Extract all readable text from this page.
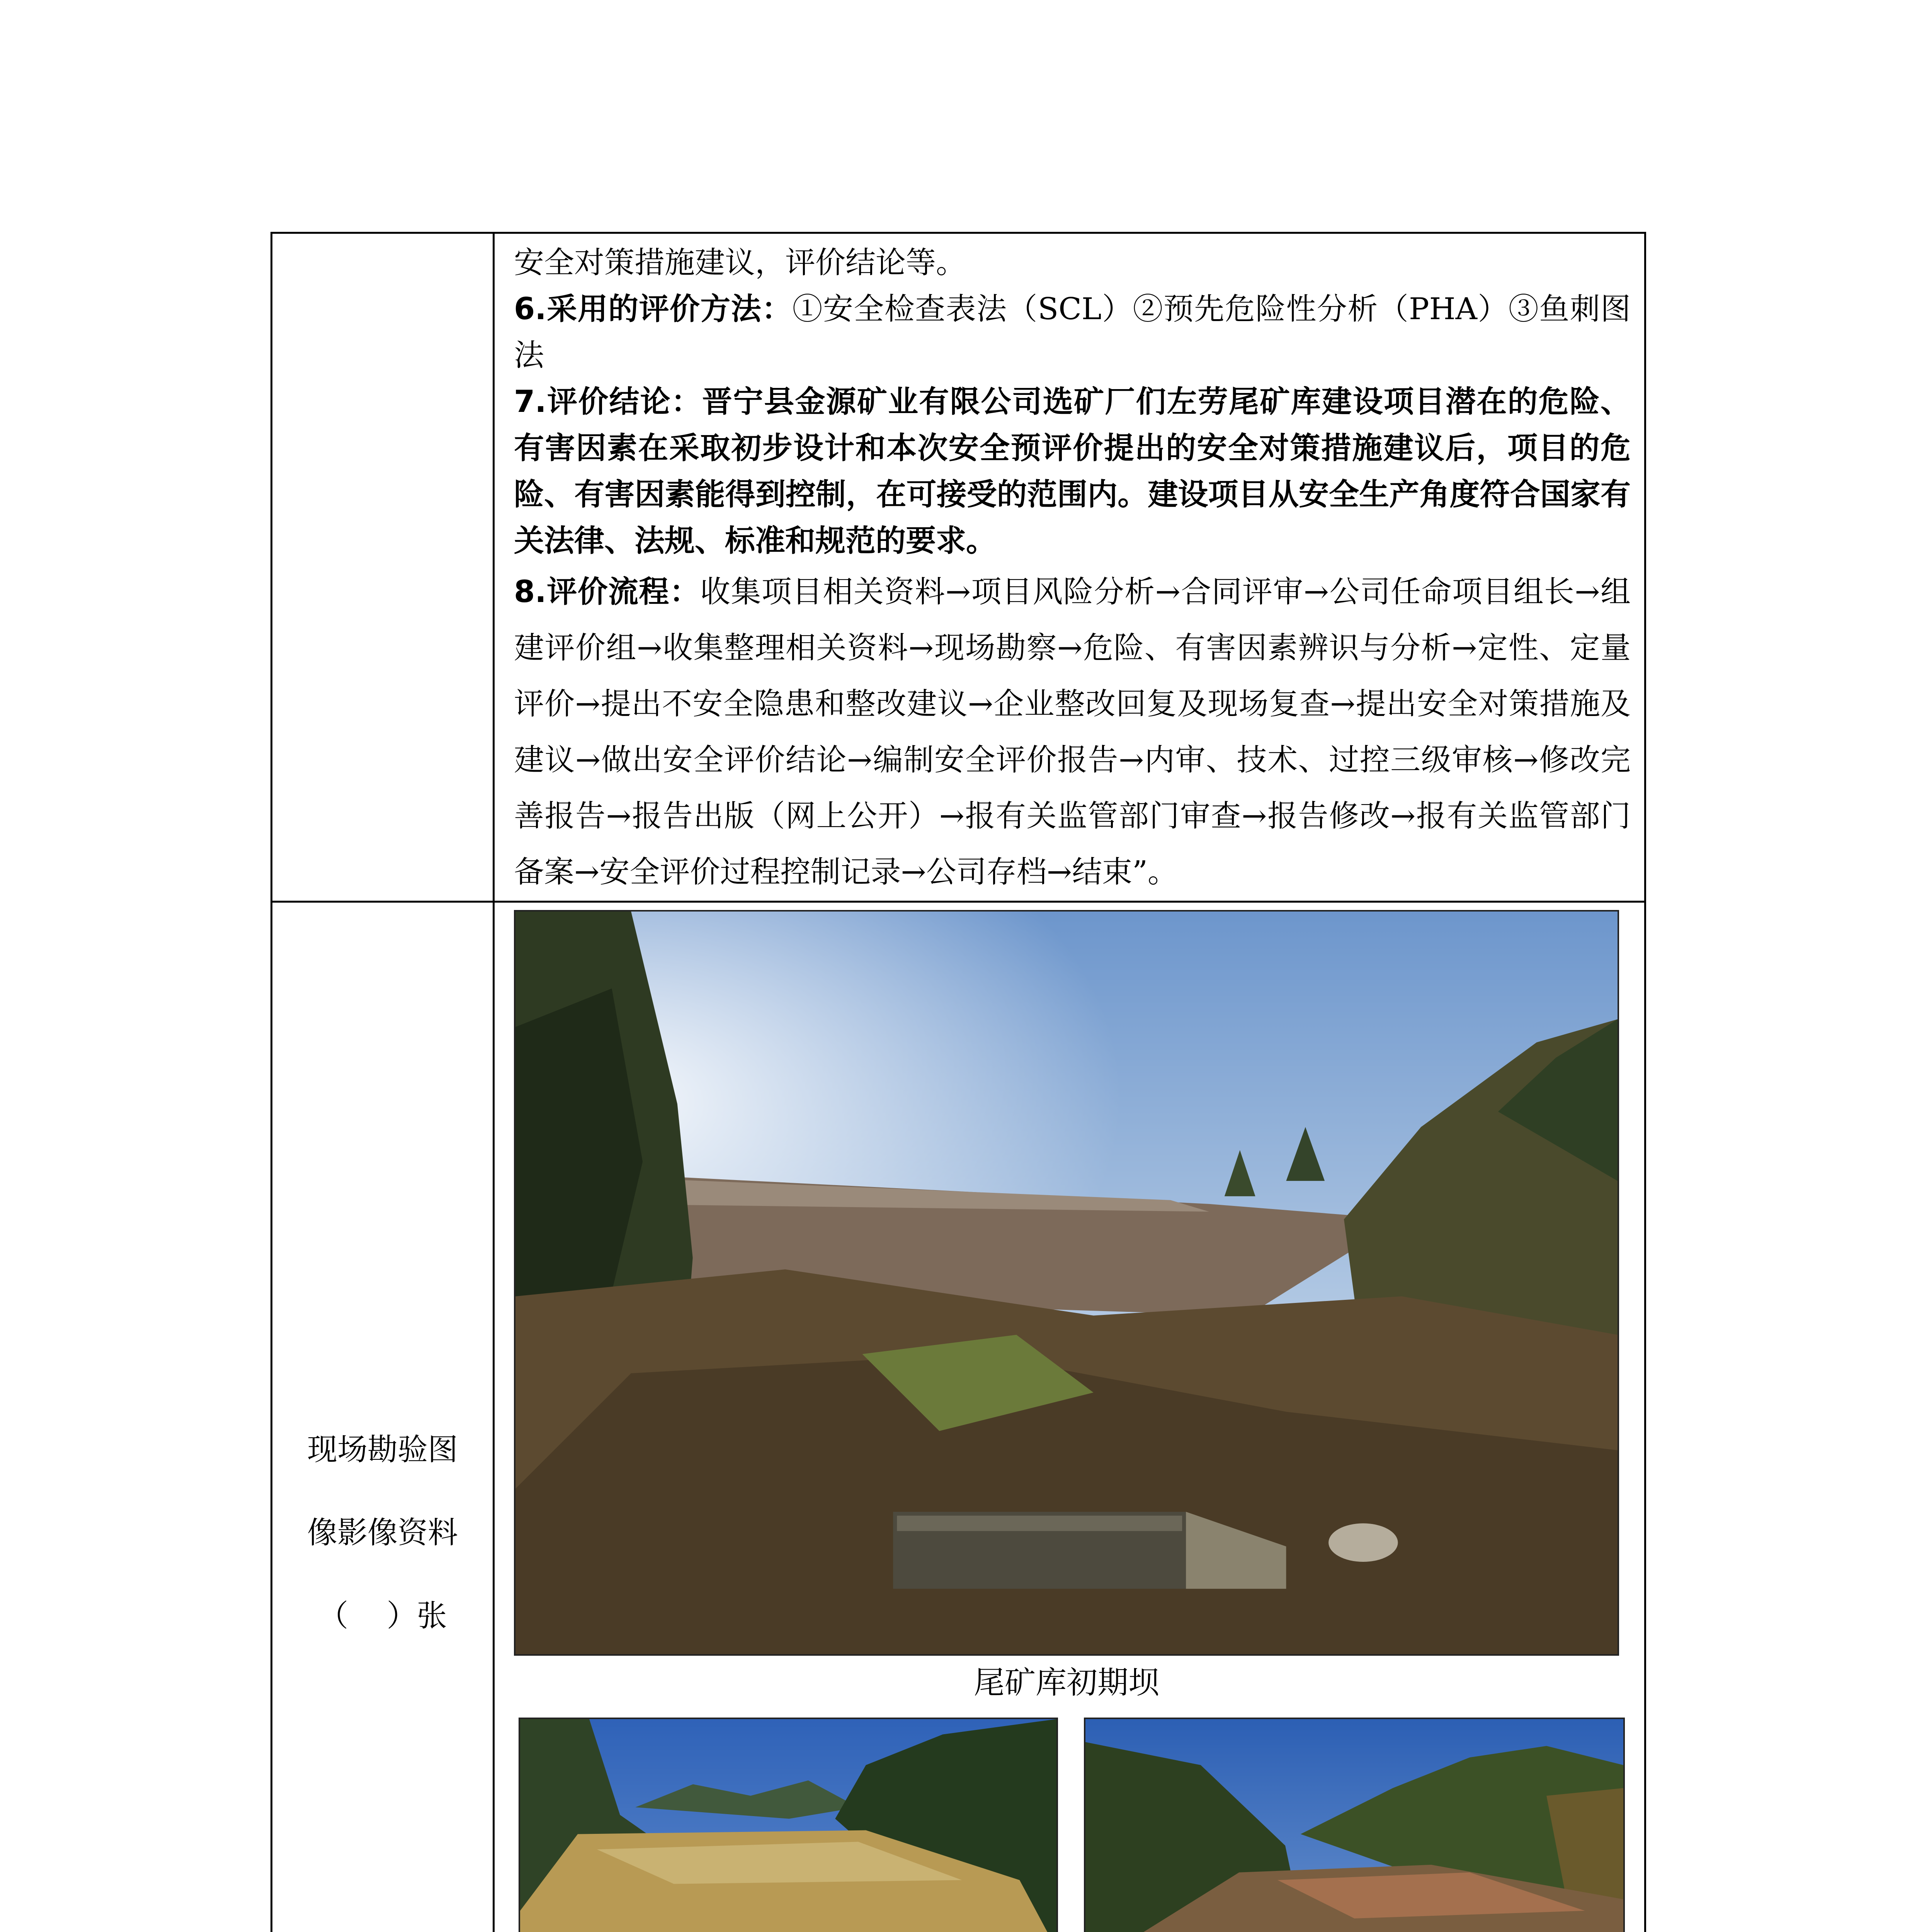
安全对策措施建议，评价结论等。

6.采用的评价方法：①安全检查表法（SCL）②预先危险性分析（PHA）③鱼刺图法

7.评价结论：晋宁县金源矿业有限公司选矿厂们左劳尾矿库建设项目潜在的危险、有害因素在采取初步设计和本次安全预评价提出的安全对策措施建议后，项目的危险、有害因素能得到控制，在可接受的范围内。建设项目从安全生产角度符合国家有关法律、法规、标准和规范的要求。

8.评价流程：收集项目相关资料→项目风险分析→合同评审→公司任命项目组长→组建评价组→收集整理相关资料→现场勘察→危险、有害因素辨识与分析→定性、定量评价→提出不安全隐患和整改建议→企业整改回复及现场复查→提出安全对策措施及建议→做出安全评价结论→编制安全评价报告→内审、技术、过控三级审核→修改完善报告→报告出版（网上公开）→报有关监管部门审查→报告修改→报有关监管部门备案→安全评价过程控制记录→公司存档→结束”。

现场勘验图
像影像资料
（    ）张
尾矿库初期坝
